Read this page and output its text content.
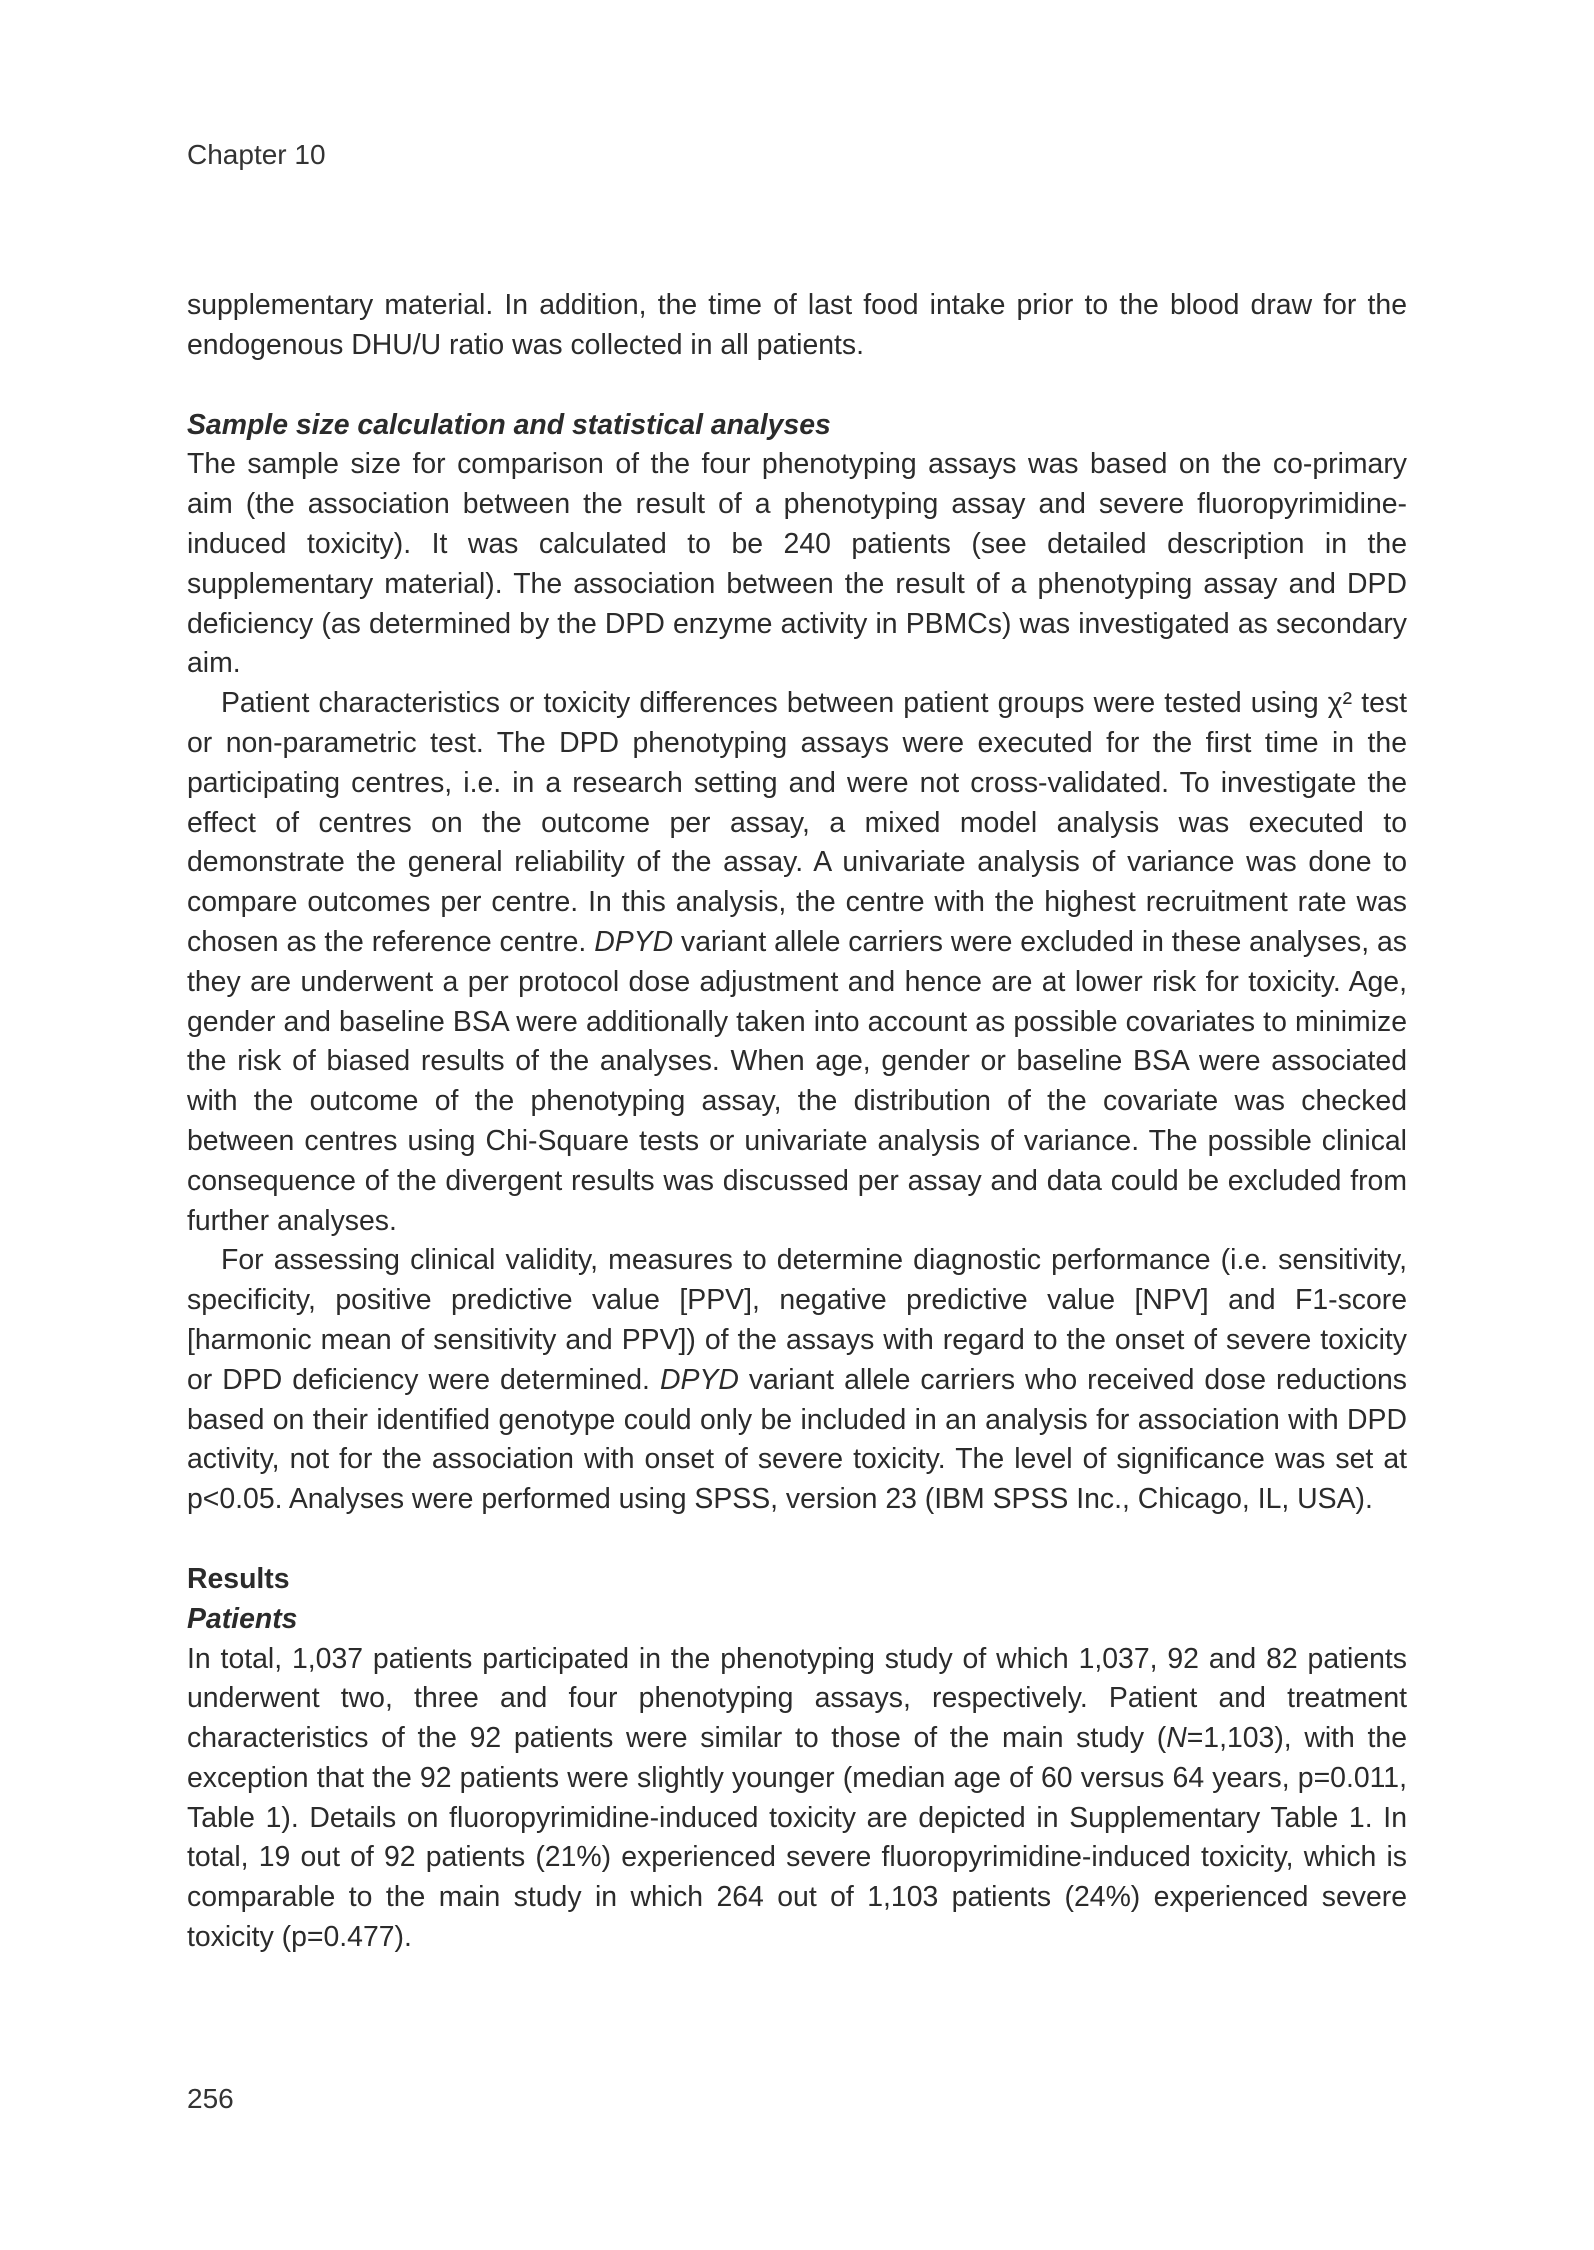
Chapter 10

supplementary material. In addition, the time of last food intake prior to the blood draw for the endogenous DHU/U ratio was collected in all patients.

Sample size calculation and statistical analyses

The sample size for comparison of the four phenotyping assays was based on the co-primary aim (the association between the result of a phenotyping assay and severe fluoropyrimidine-induced toxicity). It was calculated to be 240 patients (see detailed description in the supplementary material). The association between the result of a phenotyping assay and DPD deficiency (as determined by the DPD enzyme activity in PBMCs) was investigated as secondary aim.

Patient characteristics or toxicity differences between patient groups were tested using χ² test or non-parametric test. The DPD phenotyping assays were executed for the first time in the participating centres, i.e. in a research setting and were not cross-validated. To investigate the effect of centres on the outcome per assay, a mixed model analysis was executed to demonstrate the general reliability of the assay. A univariate analysis of variance was done to compare outcomes per centre. In this analysis, the centre with the highest recruitment rate was chosen as the reference centre. DPYD variant allele carriers were excluded in these analyses, as they are underwent a per protocol dose adjustment and hence are at lower risk for toxicity. Age, gender and baseline BSA were additionally taken into account as possible covariates to minimize the risk of biased results of the analyses. When age, gender or baseline BSA were associated with the outcome of the phenotyping assay, the distribution of the covariate was checked between centres using Chi-Square tests or univariate analysis of variance. The possible clinical consequence of the divergent results was discussed per assay and data could be excluded from further analyses.

For assessing clinical validity, measures to determine diagnostic performance (i.e. sensitivity, specificity, positive predictive value [PPV], negative predictive value [NPV] and F1-score [harmonic mean of sensitivity and PPV]) of the assays with regard to the onset of severe toxicity or DPD deficiency were determined. DPYD variant allele carriers who received dose reductions based on their identified genotype could only be included in an analysis for association with DPD activity, not for the association with onset of severe toxicity. The level of significance was set at p<0.05. Analyses were performed using SPSS, version 23 (IBM SPSS Inc., Chicago, IL, USA).

Results

Patients

In total, 1,037 patients participated in the phenotyping study of which 1,037, 92 and 82 patients underwent two, three and four phenotyping assays, respectively. Patient and treatment characteristics of the 92 patients were similar to those of the main study (N=1,103), with the exception that the 92 patients were slightly younger (median age of 60 versus 64 years, p=0.011, Table 1). Details on fluoropyrimidine-induced toxicity are depicted in Supplementary Table 1. In total, 19 out of 92 patients (21%) experienced severe fluoropyrimidine-induced toxicity, which is comparable to the main study in which 264 out of 1,103 patients (24%) experienced severe toxicity (p=0.477).

256
